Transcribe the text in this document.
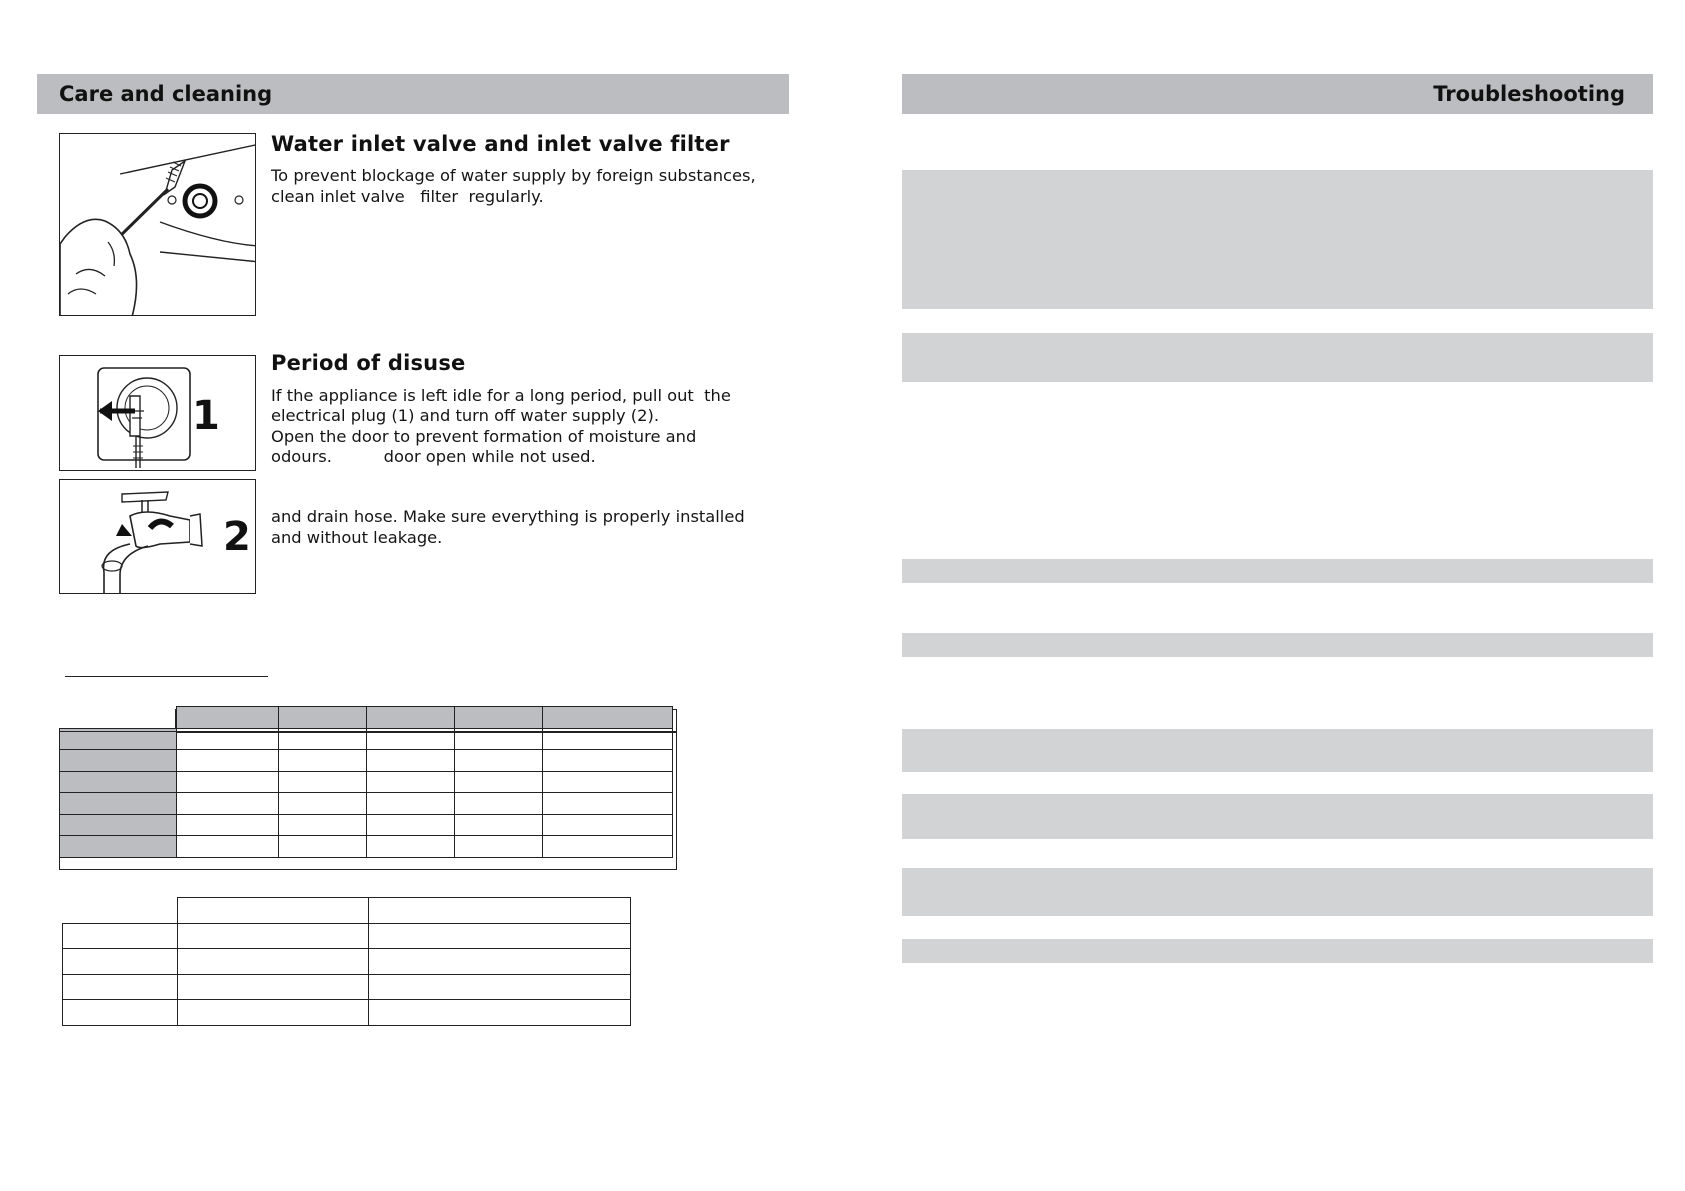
Care and cleaning
Water inlet valve and inlet valve filter
To prevent blockage of water supply by foreign substances,
clean inlet valve   filter  regularly.
1
2
Period of disuse
If the appliance is left idle for a long period, pull out  the
electrical plug (1) and turn off water supply (2).
Open the door to prevent formation of moisture and
odours.          door open while not used.
and drain hose. Make sure everything is properly installed
and without leakage.

Troubleshooting
